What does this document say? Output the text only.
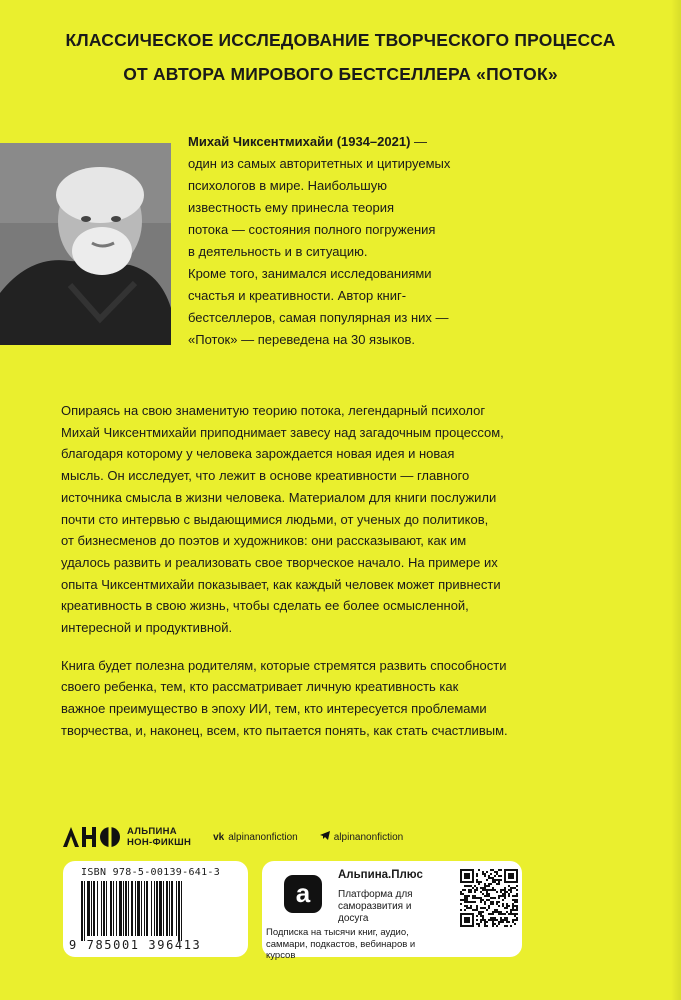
КЛАССИЧЕСКОЕ ИССЛЕДОВАНИЕ ТВОРЧЕСКОГО ПРОЦЕССА
ОТ АВТОРА МИРОВОГО БЕСТСЕЛЛЕРА «ПОТОК»
Михай Чиксентмихайи (1934–2021) —
один из самых авторитетных и цитируемых
психологов в мире. Наибольшую
известность ему принесла теория
потока — состояния полного погружения
в деятельность и в ситуацию.
Кроме того, занимался исследованиями
счастья и креативности. Автор книг-
бестселлеров, самая популярная из них —
«Поток» — переведена на 30 языков.

Опираясь на свою знаменитую теорию потока, легендарный психолог
Михай Чиксентмихайи приподнимает завесу над загадочным процессом,
благодаря которому у человека зарождается новая идея и новая
мысль. Он исследует, что лежит в основе креативности — главного
источника смысла в жизни человека. Материалом для книги послужили
почти сто интервью с выдающимися людьми, от ученых до политиков,
от бизнесменов до поэтов и художников: они рассказывают, как им
удалось развить и реализовать свое творческое начало. На примере их
опыта Чиксентмихайи показывает, как каждый человек может привнести
креативность в свою жизнь, чтобы сделать ее более осмысленной,
интересной и продуктивной.

Книга будет полезна родителям, которые стремятся развить способности
своего ребенка, тем, кто рассматривает личную креативность как
важное преимущество в эпоху ИИ, тем, кто интересуется проблемами
творчества, и, наконец, всем, кто пытается понять, как стать счастливым.

АЛЬПИНА
НОН-ФИКШН vk alpinanonfiction	alpinanonfiction
ISBN 978-5-00139-641-3
9 785001 396413
a
Альпина.Плюс
Платформа для саморазвития и досуга
Подписка на тысячи книг, аудио, саммари, подкастов, вебинаров и курсов
